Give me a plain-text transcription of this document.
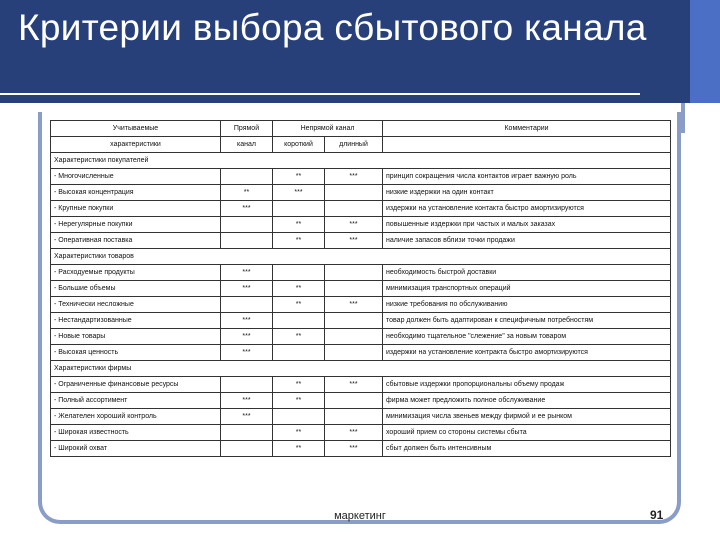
Критерии выбора сбытового канала
Учитываемые	Прямой	Непрямой канал		Комментарии
характеристики	канал	короткий	длинный	
Характеристики покупателей				
- Многочисленные		**	***	принцип сокращения числа контактов играет важную роль
- Высокая концентрация	**	***		низкие издержки на один контакт
- Крупные покупки	***			издержки на установление контакта быстро амортизируются
- Нерегулярные покупки		**	***	повышенные издержки при частых и малых заказах
- Оперативная поставка		**	***	наличие запасов вблизи точки продажи
Характеристики товаров				
- Расходуемые продукты	***			необходимость быстрой доставки
- Большие объемы	***	**		минимизация транспортных операций
- Технически несложные		**	***	низкие требования по обслуживанию
- Нестандартизованные	***			товар должен быть адаптирован к специфичным потребностям
- Новые товары	***	**		необходимо тщательное "слежение" за новым товаром
- Высокая ценность	***			издержки на установление контракта быстро амортизируются
Характеристики фирмы				
- Ограниченные финансовые ресурсы		**	***	сбытовые издержки пропорциональны объему продаж
- Полный ассортимент	***	**		фирма может предложить полное обслуживание
- Желателен хороший контроль	***			минимизация числа звеньев между фирмой и ее рынком
- Широкая известность		**	***	хороший прием со стороны системы сбыта
- Широкий охват		**	***	сбыт должен быть интенсивным
маркетинг	91
